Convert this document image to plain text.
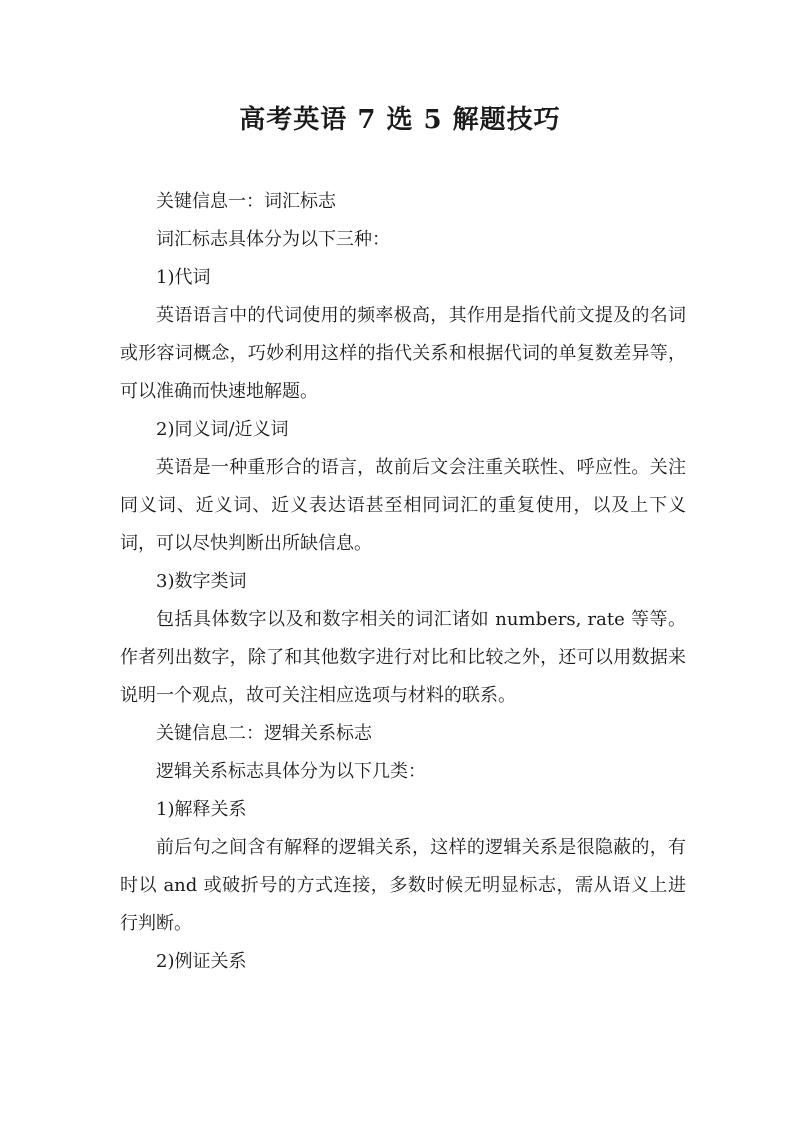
高考英语 7 选 5 解题技巧

关键信息一：词汇标志

词汇标志具体分为以下三种：

1)代词

英语语言中的代词使用的频率极高，其作用是指代前文提及的名词或形容词概念，巧妙利用这样的指代关系和根据代词的单复数差异等，可以准确而快速地解题。

2)同义词/近义词

英语是一种重形合的语言，故前后文会注重关联性、呼应性。关注同义词、近义词、近义表达语甚至相同词汇的重复使用，以及上下义词，可以尽快判断出所缺信息。

3)数字类词

包括具体数字以及和数字相关的词汇诸如 numbers, rate 等等。作者列出数字，除了和其他数字进行对比和比较之外，还可以用数据来说明一个观点，故可关注相应选项与材料的联系。

关键信息二：逻辑关系标志

逻辑关系标志具体分为以下几类：

1)解释关系

前后句之间含有解释的逻辑关系，这样的逻辑关系是很隐蔽的，有时以 and 或破折号的方式连接，多数时候无明显标志，需从语义上进行判断。

2)例证关系
